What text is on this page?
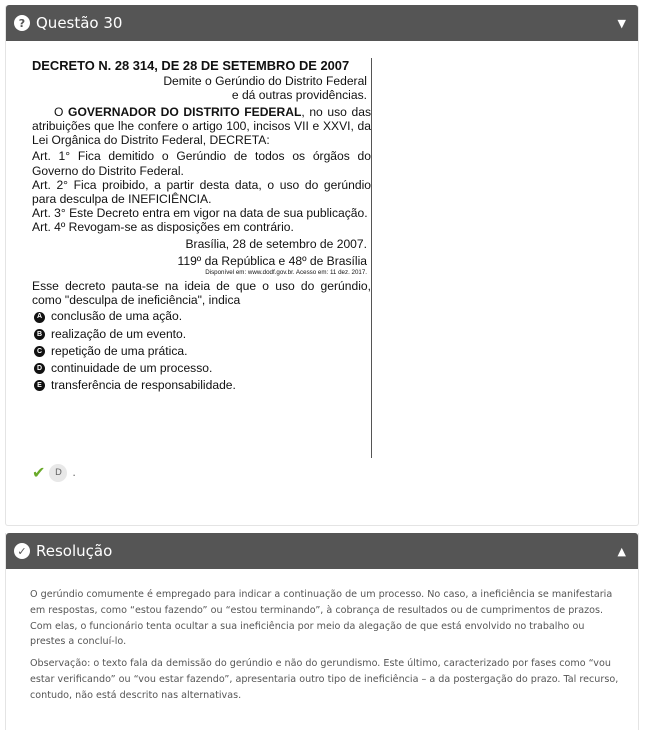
? Questão 30	▼
DECRETO N. 28 314, DE 28 DE SETEMBRO DE 2007
Demite o Gerúndio do Distrito Federal
e dá outras providências.
O GOVERNADOR DO DISTRITO FEDERAL, no uso das atribuições que lhe confere o artigo 100, incisos VII e XXVI, da Lei Orgânica do Distrito Federal, DECRETA:
Art. 1° Fica demitido o Gerúndio de todos os órgãos do Governo do Distrito Federal.
Art. 2° Fica proibido, a partir desta data, o uso do gerúndio para desculpa de INEFICIÊNCIA.
Art. 3° Este Decreto entra em vigor na data de sua publicação.
Art. 4º Revogam-se as disposições em contrário.
Brasília, 28 de setembro de 2007.
119º da República e 48º de Brasília
Disponível em: www.dodf.gov.br. Acesso em: 11 dez. 2017.
Esse decreto pauta-se na ideia de que o uso do gerúndio, como "desculpa de ineficiência", indica
A conclusão de uma ação.
B realização de um evento.
C repetição de uma prática.
D continuidade de um processo.
E transferência de responsabilidade.
✔	D .
✓ Resolução	▲

O gerúndio comumente é empregado para indicar a continuação de um processo. No caso, a ineficiência se manifestaria em respostas, como “estou fazendo” ou “estou terminando”, à cobrança de resultados ou de cumprimentos de prazos. Com elas, o funcionário tenta ocultar a sua ineficiência por meio da alegação de que está envolvido no trabalho ou prestes a concluí-lo.

Observação: o texto fala da demissão do gerúndio e não do gerundismo. Este último, caracterizado por fases como “vou estar verificando” ou “vou estar fazendo”, apresentaria outro tipo de ineficiência – a da postergação do prazo. Tal recurso, contudo, não está descrito nas alternativas.
